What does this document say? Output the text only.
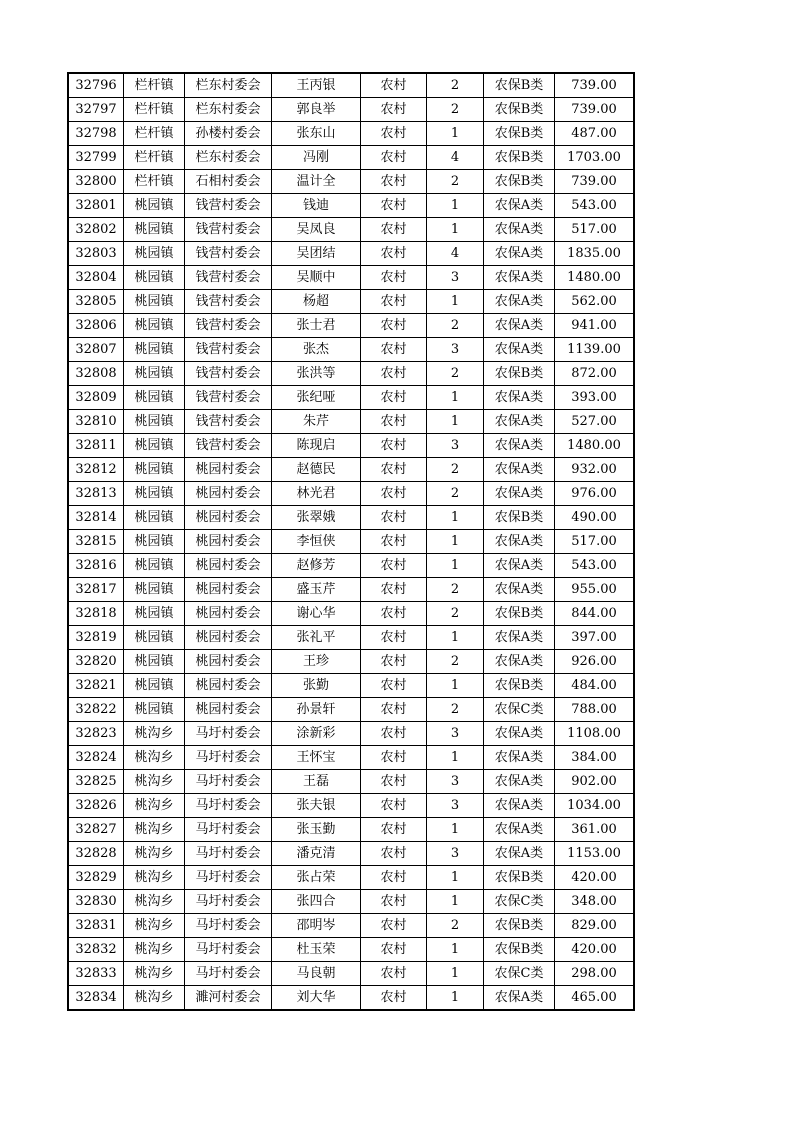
32796	栏杆镇	栏东村委会	王丙银	农村	2	农保B类	739.00
32797	栏杆镇	栏东村委会	郭良举	农村	2	农保B类	739.00
32798	栏杆镇	孙楼村委会	张东山	农村	1	农保B类	487.00
32799	栏杆镇	栏东村委会	冯刚	农村	4	农保B类	1703.00
32800	栏杆镇	石相村委会	温计全	农村	2	农保B类	739.00
32801	桃园镇	钱营村委会	钱迪	农村	1	农保A类	543.00
32802	桃园镇	钱营村委会	吴凤良	农村	1	农保A类	517.00
32803	桃园镇	钱营村委会	吴团结	农村	4	农保A类	1835.00
32804	桃园镇	钱营村委会	吴顺中	农村	3	农保A类	1480.00
32805	桃园镇	钱营村委会	杨超	农村	1	农保A类	562.00
32806	桃园镇	钱营村委会	张士君	农村	2	农保A类	941.00
32807	桃园镇	钱营村委会	张杰	农村	3	农保A类	1139.00
32808	桃园镇	钱营村委会	张洪等	农村	2	农保B类	872.00
32809	桃园镇	钱营村委会	张纪哑	农村	1	农保A类	393.00
32810	桃园镇	钱营村委会	朱芹	农村	1	农保A类	527.00
32811	桃园镇	钱营村委会	陈现启	农村	3	农保A类	1480.00
32812	桃园镇	桃园村委会	赵德民	农村	2	农保A类	932.00
32813	桃园镇	桃园村委会	林光君	农村	2	农保A类	976.00
32814	桃园镇	桃园村委会	张翠娥	农村	1	农保B类	490.00
32815	桃园镇	桃园村委会	李恒侠	农村	1	农保A类	517.00
32816	桃园镇	桃园村委会	赵修芳	农村	1	农保A类	543.00
32817	桃园镇	桃园村委会	盛玉芹	农村	2	农保A类	955.00
32818	桃园镇	桃园村委会	谢心华	农村	2	农保B类	844.00
32819	桃园镇	桃园村委会	张礼平	农村	1	农保A类	397.00
32820	桃园镇	桃园村委会	王珍	农村	2	农保A类	926.00
32821	桃园镇	桃园村委会	张勤	农村	1	农保B类	484.00
32822	桃园镇	桃园村委会	孙景轩	农村	2	农保C类	788.00
32823	桃沟乡	马圩村委会	涂新彩	农村	3	农保A类	1108.00
32824	桃沟乡	马圩村委会	王怀宝	农村	1	农保A类	384.00
32825	桃沟乡	马圩村委会	王磊	农村	3	农保A类	902.00
32826	桃沟乡	马圩村委会	张夫银	农村	3	农保A类	1034.00
32827	桃沟乡	马圩村委会	张玉勤	农村	1	农保A类	361.00
32828	桃沟乡	马圩村委会	潘克清	农村	3	农保A类	1153.00
32829	桃沟乡	马圩村委会	张占荣	农村	1	农保B类	420.00
32830	桃沟乡	马圩村委会	张四合	农村	1	农保C类	348.00
32831	桃沟乡	马圩村委会	邵明岑	农村	2	农保B类	829.00
32832	桃沟乡	马圩村委会	杜玉荣	农村	1	农保B类	420.00
32833	桃沟乡	马圩村委会	马良朝	农村	1	农保C类	298.00
32834	桃沟乡	濉河村委会	刘大华	农村	1	农保A类	465.00
